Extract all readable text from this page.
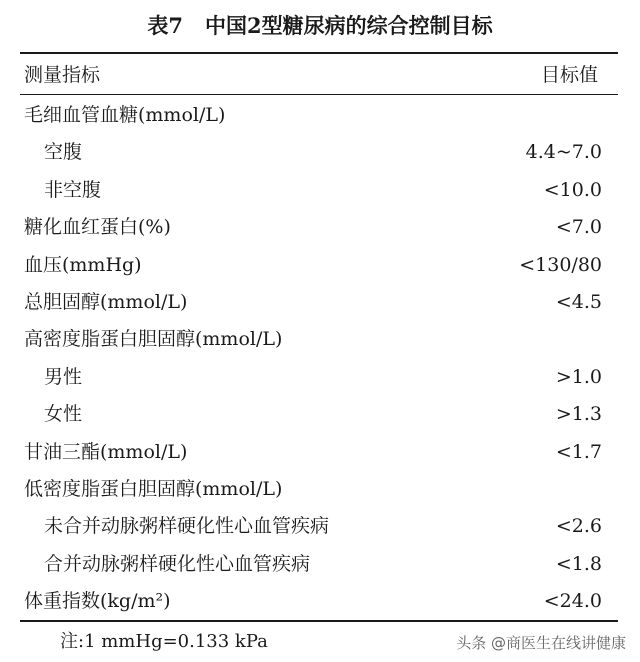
表7 中国2型糖尿病的综合控制目标
测量指标	目标值
毛细血管血糖(mmol/L)
空腹	4.4~7.0
非空腹	<10.0
糖化血红蛋白(%)	<7.0
血压(mmHg)	<130/80
总胆固醇(mmol/L)	<4.5
高密度脂蛋白胆固醇(mmol/L)
男性	>1.0
女性	>1.3
甘油三酯(mmol/L)	<1.7
低密度脂蛋白胆固醇(mmol/L)
未合并动脉粥样硬化性心血管疾病	<2.6
合并动脉粥样硬化性心血管疾病	<1.8
体重指数(kg/m²)	<24.0
注:1 mmHg=0.133 kPa	头条 @商医生在线讲健康
